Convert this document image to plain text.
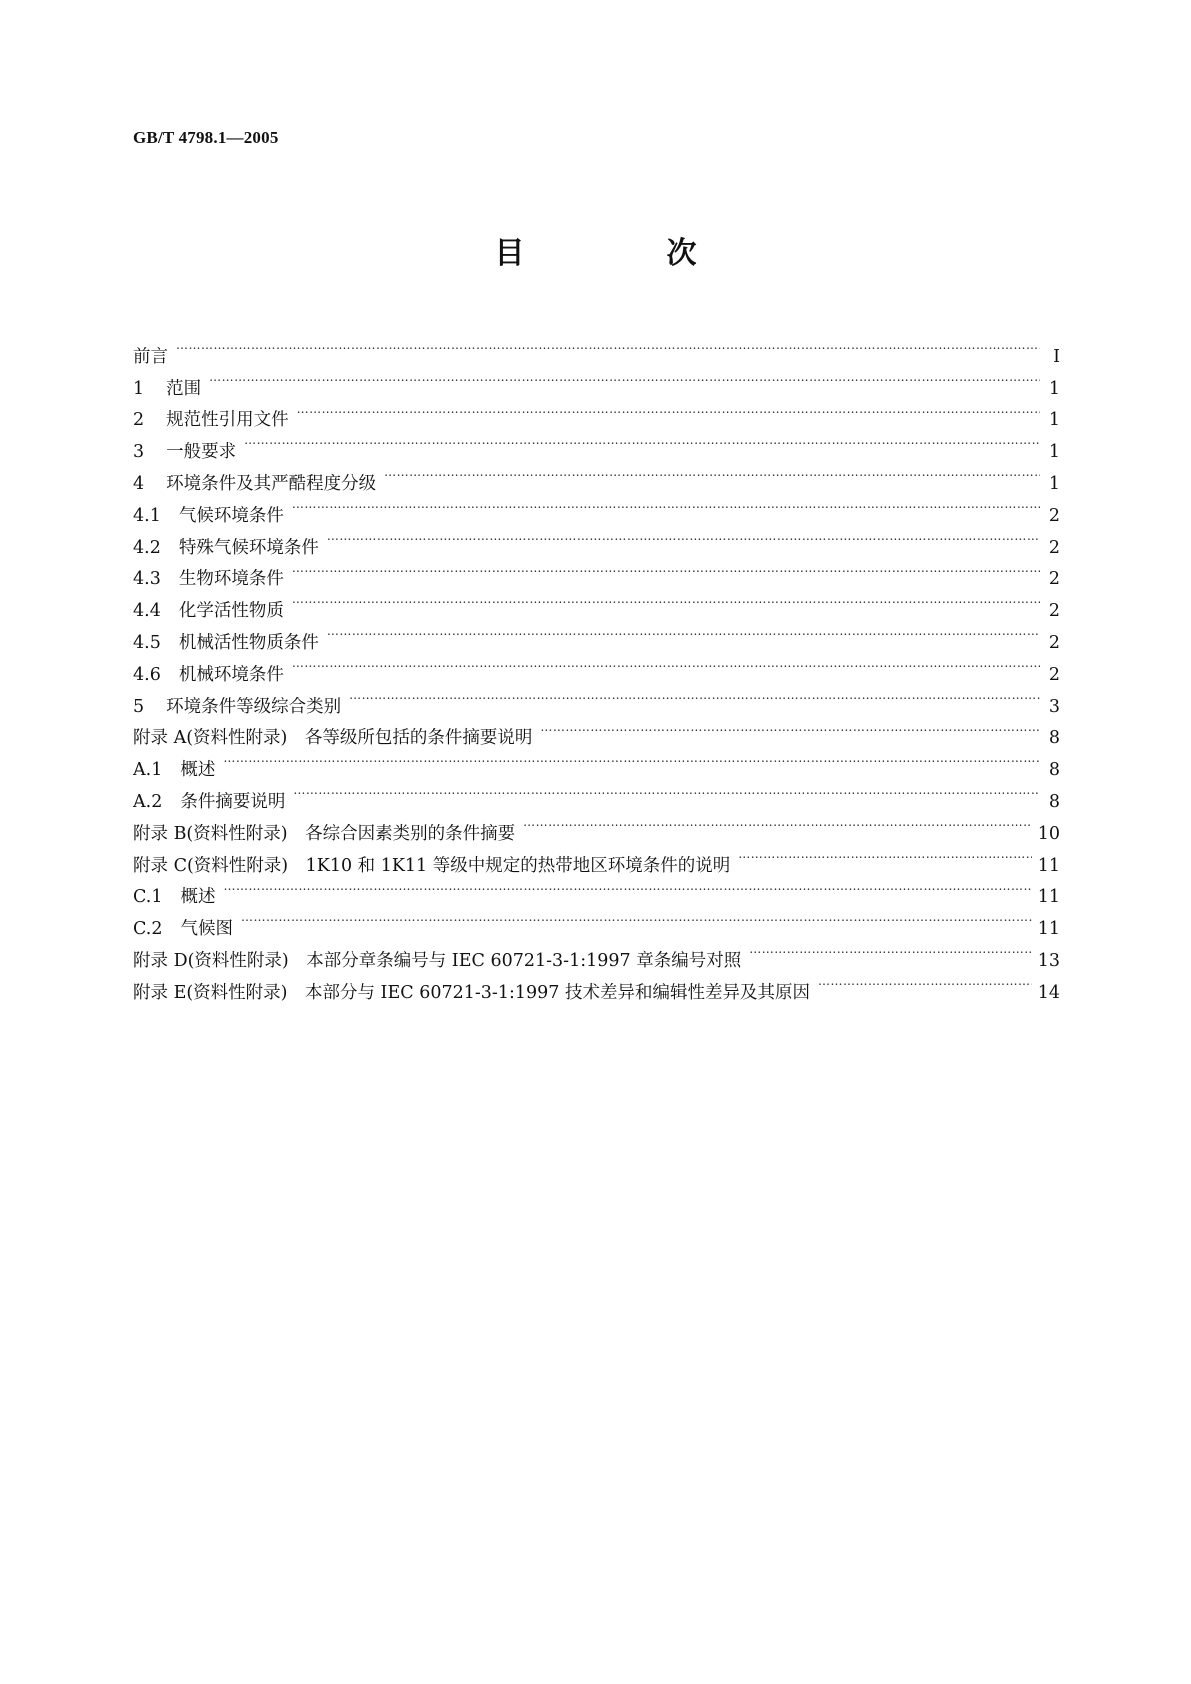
GB/T 4798.1—2005
目　次
前言 …………………………………………………………………………………………………………………………………………………………………………………………………………	Ⅰ
1 范围 …………………………………………………………………………………………………………………………………………………………………………………………………………	1
2 规范性引用文件 …………………………………………………………………………………………………………………………………………………………………………………………………………	1
3 一般要求 …………………………………………………………………………………………………………………………………………………………………………………………………………	1
4 环境条件及其严酷程度分级 …………………………………………………………………………………………………………………………………………………………………………………………………………	1
4.1 气候环境条件 …………………………………………………………………………………………………………………………………………………………………………………………………………	2
4.2 特殊气候环境条件 …………………………………………………………………………………………………………………………………………………………………………………………………………	2
4.3 生物环境条件 …………………………………………………………………………………………………………………………………………………………………………………………………………	2
4.4 化学活性物质 …………………………………………………………………………………………………………………………………………………………………………………………………………	2
4.5 机械活性物质条件 …………………………………………………………………………………………………………………………………………………………………………………………………………	2
4.6 机械环境条件 …………………………………………………………………………………………………………………………………………………………………………………………………………	2
5 环境条件等级综合类别 …………………………………………………………………………………………………………………………………………………………………………………………………………	3
附录 A(资料性附录)　各等级所包括的条件摘要说明 …………………………………………………………………………………………………………………………………………………………………………………………………………	8
A.1 概述 …………………………………………………………………………………………………………………………………………………………………………………………………………	8
A.2 条件摘要说明 …………………………………………………………………………………………………………………………………………………………………………………………………………	8
附录 B(资料性附录)　各综合因素类别的条件摘要 …………………………………………………………………………………………………………………………………………………………………………………………………………	10
附录 C(资料性附录)　1K10 和 1K11 等级中规定的热带地区环境条件的说明 …………………………………………………………………………………………………………………………………………………………………………………………………………	11
C.1 概述 …………………………………………………………………………………………………………………………………………………………………………………………………………	11
C.2 气候图 …………………………………………………………………………………………………………………………………………………………………………………………………………	11
附录 D(资料性附录)　本部分章条编号与 IEC 60721-3-1:1997 章条编号对照 …………………………………………………………………………………………………………………………………………………………………………………………………………	13
附录 E(资料性附录)　本部分与 IEC 60721-3-1:1997 技术差异和编辑性差异及其原因 …………………………………………………………………………………………………………………………………………………………………………………………………………	14
